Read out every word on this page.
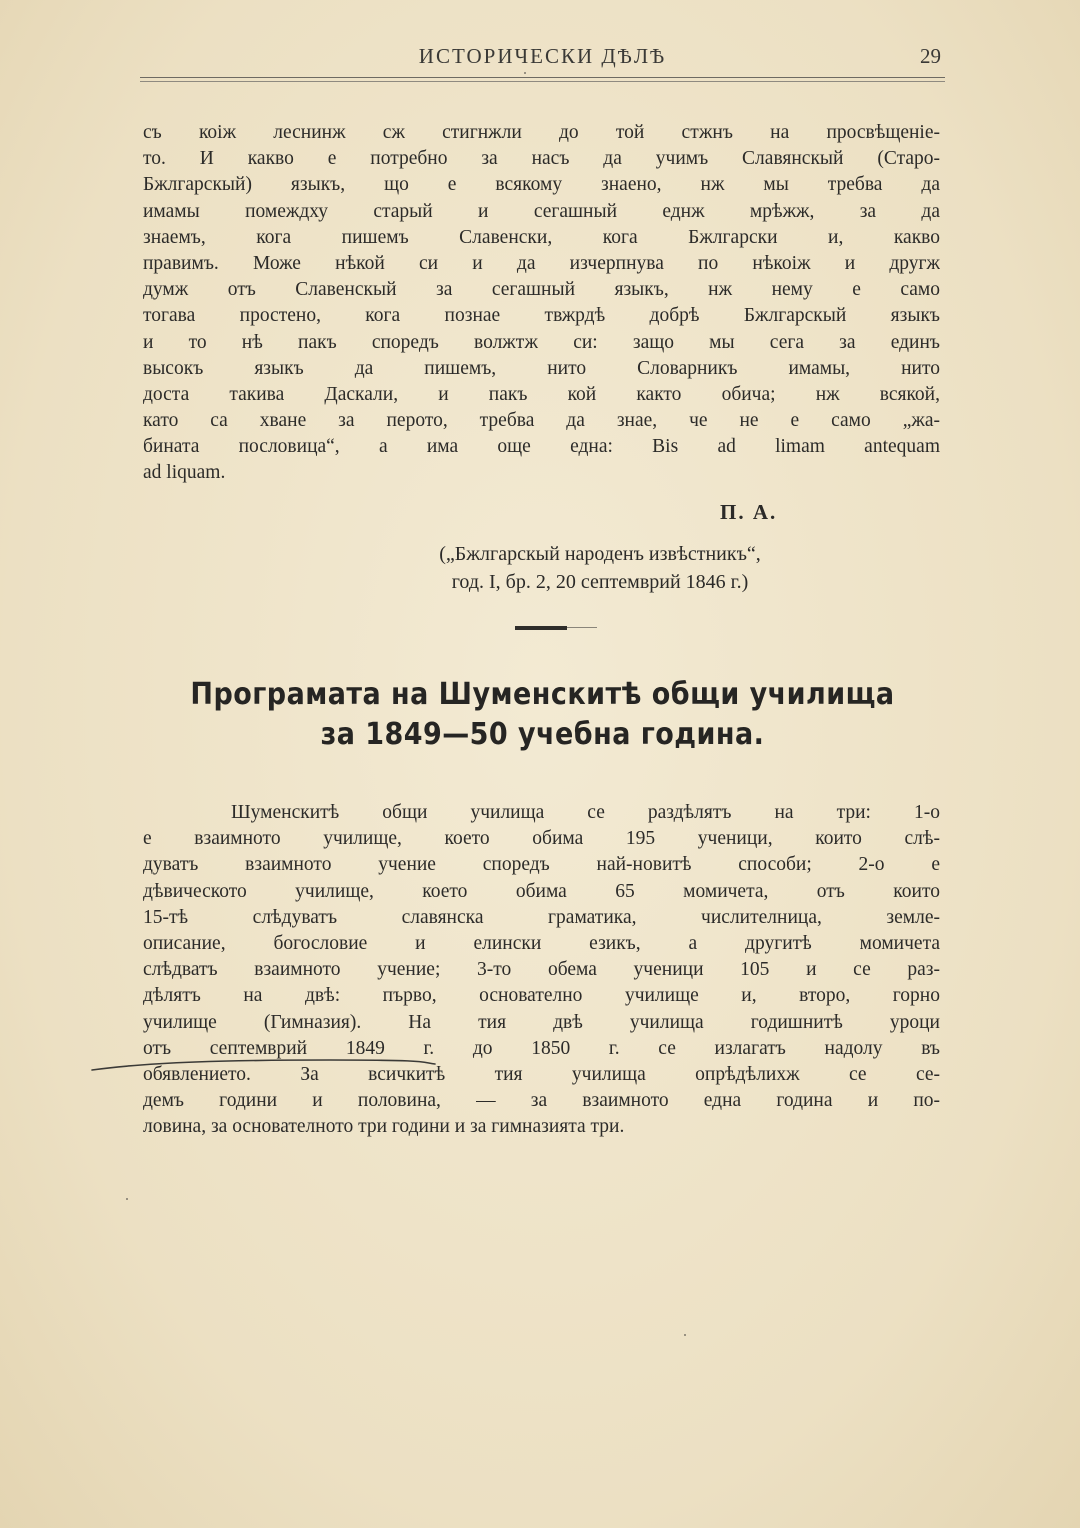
ИСТОРИЧЕСКИ ДѢЛѢ	29
съ коіж леснинж сж стигнжли до той стжнъ на просвѣщеніе-
то. И какво е потребно за насъ да учимъ Славянскый (Старо-
Бжлгарскый) языкъ, що е всякому знаено, нж мы требва да
имамы помеждху старый и сегашный еднж мрѣжж, за да
знаемъ, кога пишемъ Славенски, кога Бжлгарски и, какво
правимъ. Може нѣкой си и да изчерпнува по нѣкоіж и другж
думж отъ Славенскый за сегашный языкъ, нж нему е само
тогава простено, кога познае твжрдѣ добрѣ Бжлгарскый языкъ
и то нѣ пакъ споредъ волжтж си: защо мы сега за единъ
высокъ языкъ да пишемъ, нито Словарникъ имамы, нито
доста такива Даскали, и пакъ кой както обича; нж всякой,
като са хване за перото, требва да знае, че не е само „жа-
бината пословица“, а има още една: Bis ad limam antequam
ad liquam.
П. А.
(„Бжлгарскый народенъ извѣстникъ“,
год. I, бр. 2, 20 септемврий 1846 г.)
Програмата на Шуменскитѣ общи училища
за 1849—50 учебна година.
Шуменскитѣ общи училища се раздѣлятъ на три: 1-о
е взаимното училище, което обима 195 ученици, които слѣ-
дуватъ взаимното учение споредъ най-новитѣ способи; 2-о е
дѣвическото училище, което обима 65 момичета, отъ които
15-тѣ слѣдуватъ славянска граматика, числителница, земле-
описание, богословие и елински езикъ, а другитѣ момичета
слѣдватъ взаимното учение; 3-то обема ученици 105 и се раз-
дѣлятъ на двѣ: първо, основателно училище и, второ, горно
училище (Гимназия). На тия двѣ училища годишнитѣ уроци
отъ септемврий 1849 г. до 1850 г. се излагатъ надолу въ
обявлението. За всичкитѣ тия училища опрѣдѣлихж се се-
демъ години и половина, — за взаимното една година и по-
ловина, за основателното три години и за гимназията три.
